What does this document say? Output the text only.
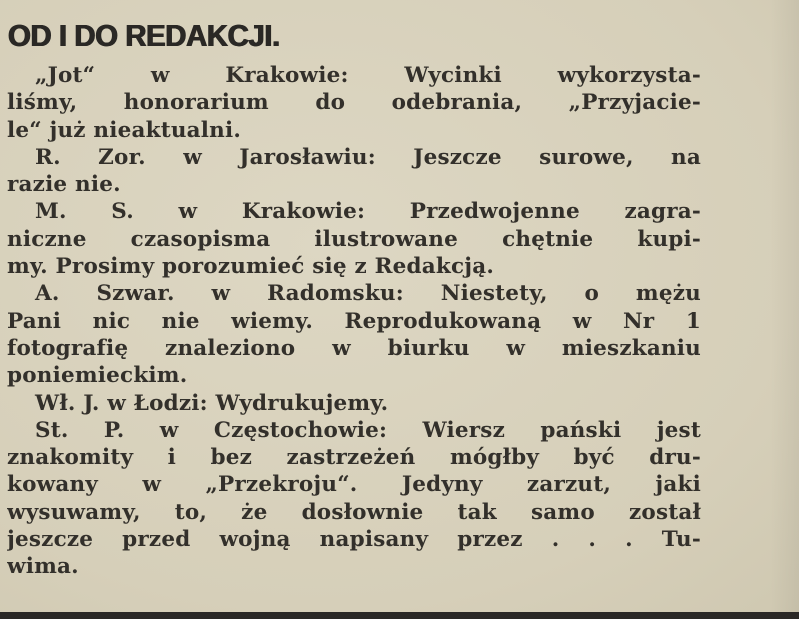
OD I DO REDAKCJI.
„Jot“ w Krakowie: Wycinki wykorzysta-
liśmy, honorarium do odebrania, „Przyjacie-
le“ już nieaktualni.
R. Zor. w Jarosławiu: Jeszcze surowe, na
razie nie.
M. S. w Krakowie: Przedwojenne zagra-
niczne czasopisma ilustrowane chętnie kupi-
my. Prosimy porozumieć się z Redakcją.
A. Szwar. w Radomsku: Niestety, o mężu
Pani nic nie wiemy. Reprodukowaną w Nr 1
fotografię znaleziono w biurku w mieszkaniu
poniemieckim.
Wł. J. w Łodzi: Wydrukujemy.
St. P. w Częstochowie: Wiersz pański jest
znakomity i bez zastrzeżeń mógłby być dru-
kowany w „Przekroju“. Jedyny zarzut, jaki
wysuwamy, to, że dosłownie tak samo został
jeszcze przed wojną napisany przez . . . Tu-
wima.
